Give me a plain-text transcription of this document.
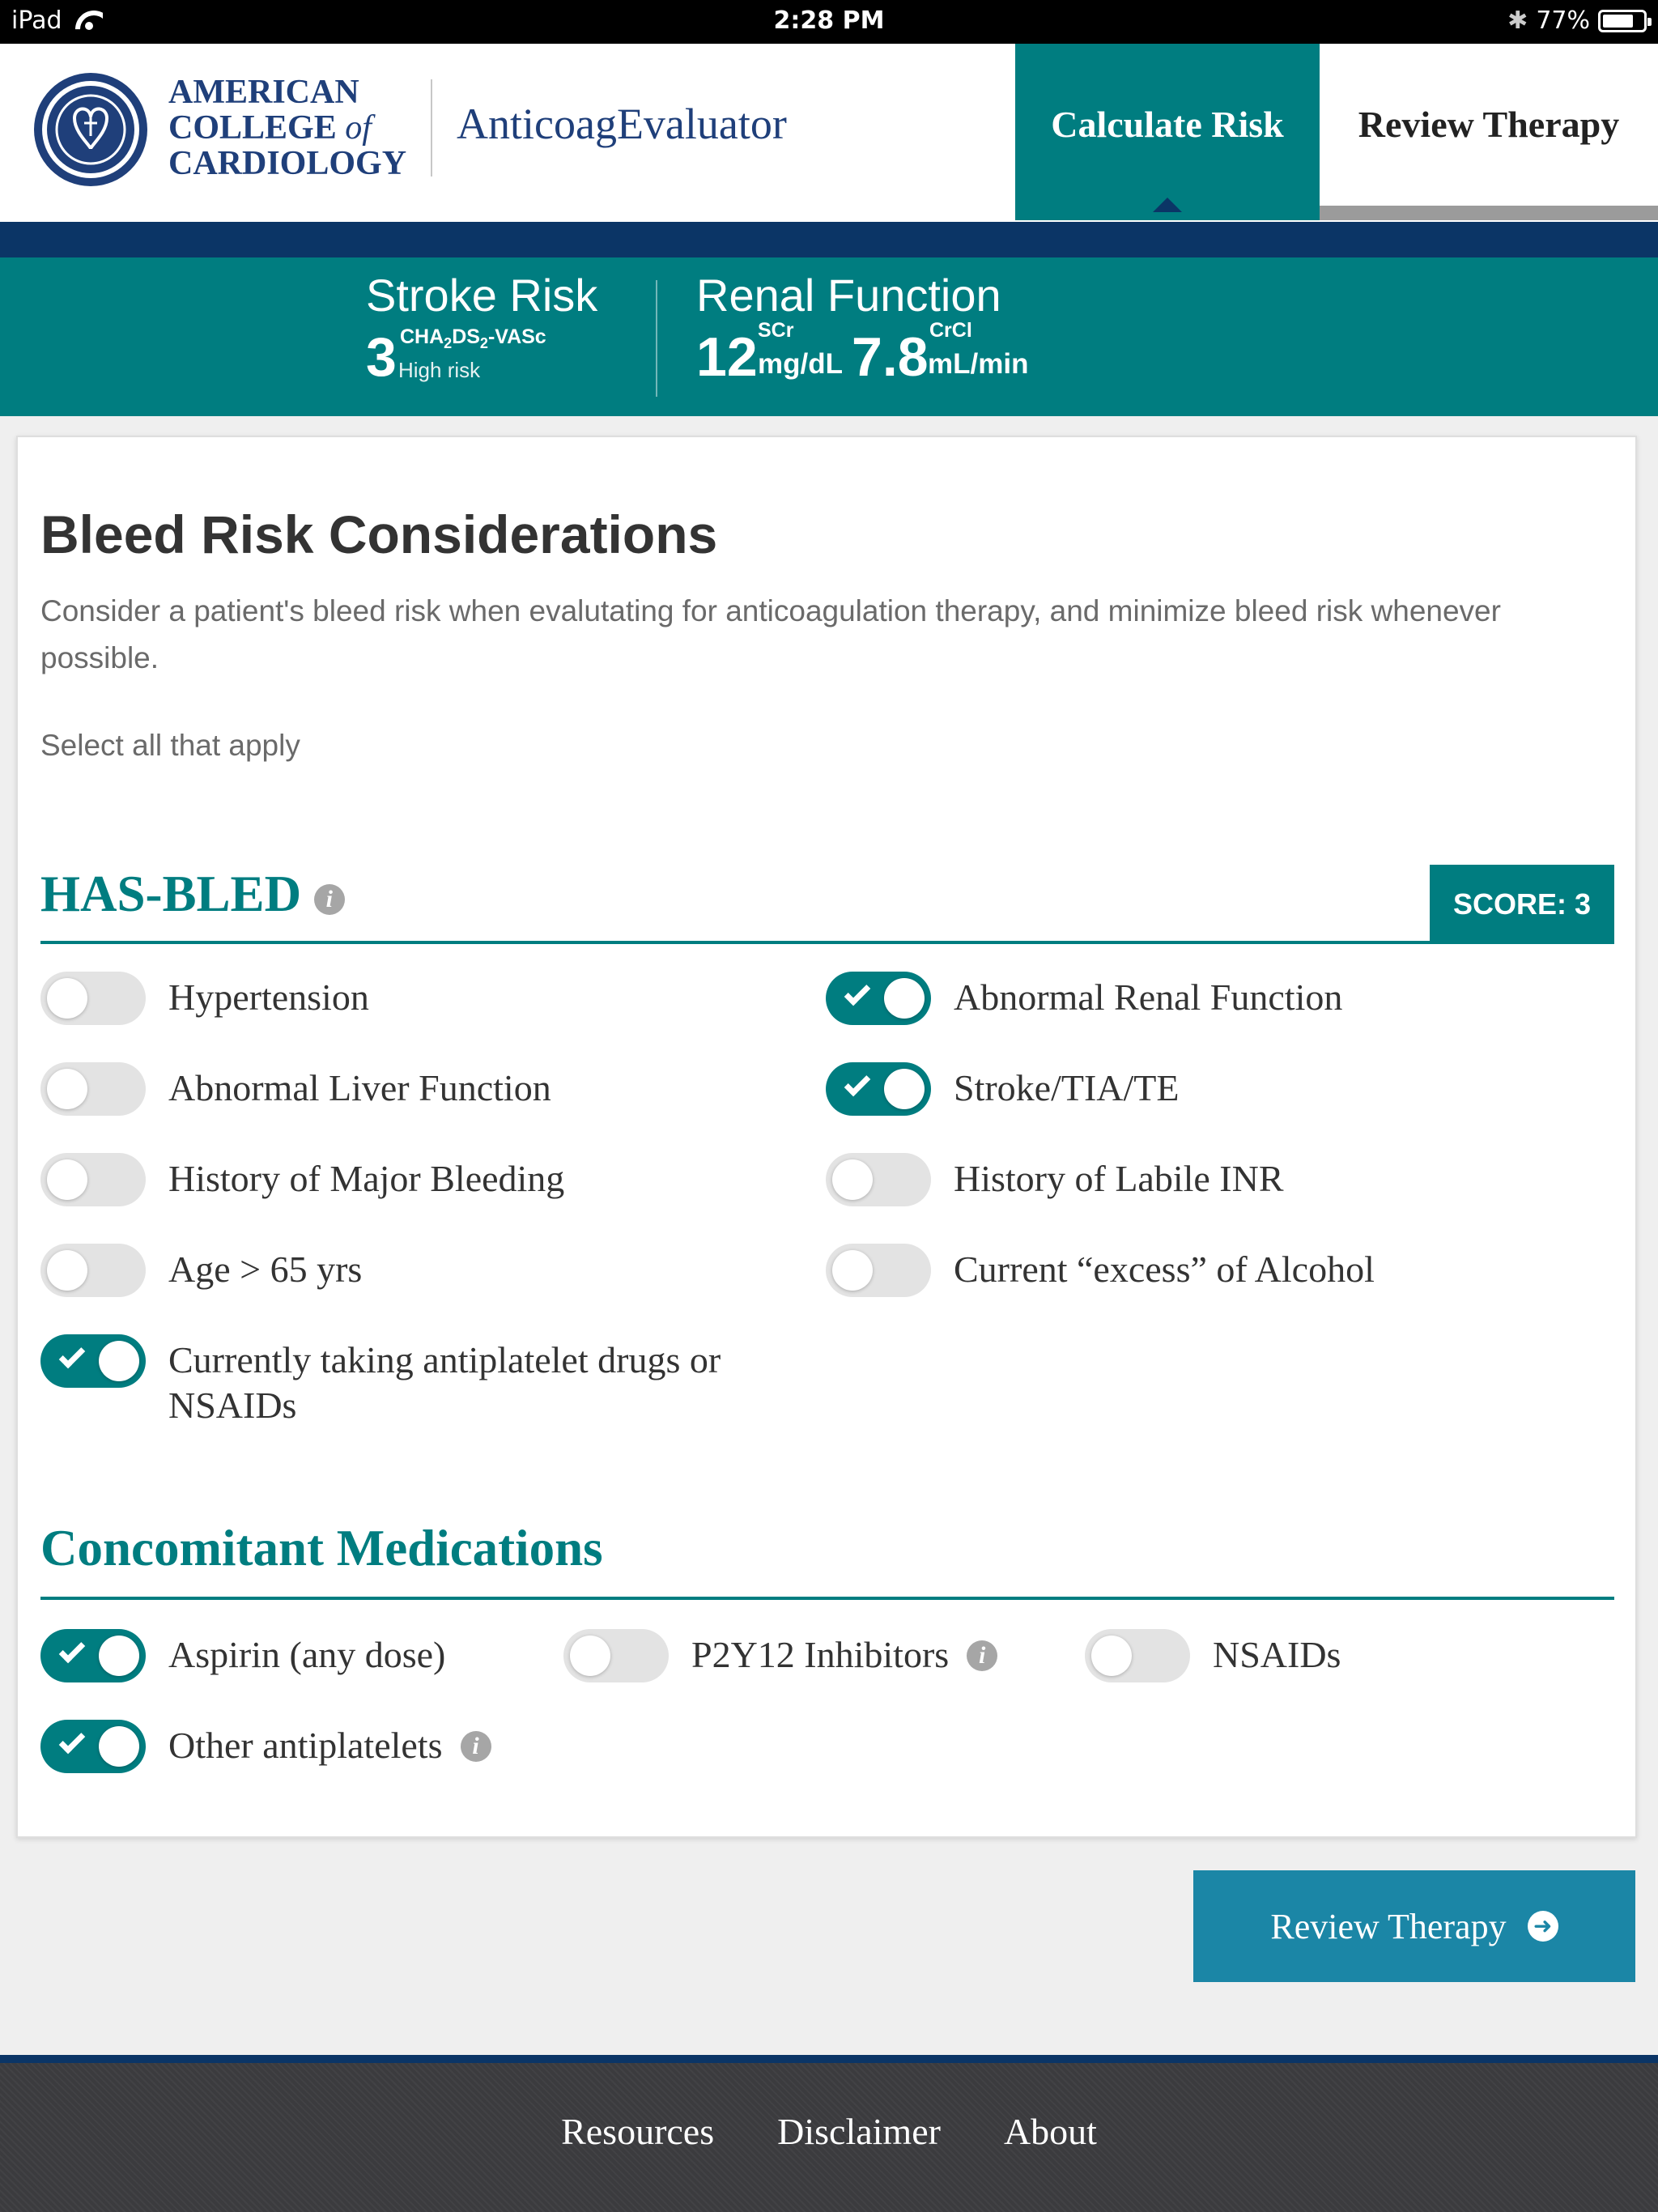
iPad	2:28 PM	✱ 77%
AMERICAN
COLLEGE of
CARDIOLOGY
AnticoagEvaluator	Calculate Risk	Review Therapy
Stroke Risk
3 $CHA_2DS_2$-VASc
High risk
Renal Function
12 SCr
mg/dL 7.8 CrCl
mL/min
Bleed Risk Considerations
Consider a patient's bleed risk when evalutating for anticoagulation therapy, and minimize bleed risk whenever possible.
Select all that apply
HAS-BLED i	SCORE: 3
Hypertension	Abnormal Renal Function
Abnormal Liver Function	Stroke/TIA/TE
History of Major Bleeding	History of Labile INR
Age > 65 yrs	Current “excess” of Alcohol
Currently taking antiplatelet drugs or NSAIDs
Concomitant Medications
Aspirin (any dose)	P2Y12 Inhibitors	i	NSAIDs
Other antiplatelets	i
Review Therapy ➜
Resources Disclaimer About
